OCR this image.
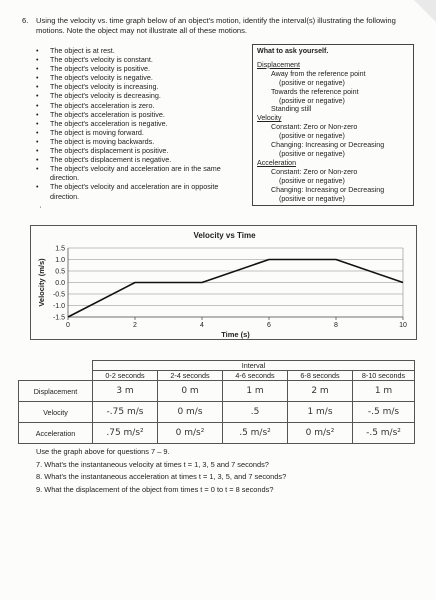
6. Using the velocity vs. time graph below of an object's motion, identify the interval(s) illustrating the following motions. Note the object may not illustrate all of these motions.
• The object is at rest.
• The object's velocity is constant.
• The object's velocity is positive.
• The object's velocity is negative.
• The object's velocity is increasing.
• The object's velocity is decreasing.
• The object's acceleration is zero.
• The object's acceleration is positive.
• The object's acceleration is negative.
• The object is moving forward.
• The object is moving backwards.
• The object's displacement is positive.
• The object's displacement is negative.
• The object's velocity and acceleration are in the same direction.
• The object's velocity and acceleration are in opposite direction.
What to ask yourself.
Displacement
Away from the reference point
(positive or negative)
Towards the reference point
(positive or negative)
Standing still
Velocity
Constant: Zero or Non-zero
(positive or negative)
Changing: Increasing or Decreasing
(positive or negative)
Acceleration
Constant: Zero or Non-zero
(positive or negative)
Changing: Increasing or Decreasing
(positive or negative)
'
Velocity vs Time
1.5
1.0
0.5
0.0
-0.5
-1.0
-1.5
0	2	4	6	8	10
Time (s)
Velocity (m/s)
	Interval				
	0-2 seconds	2-4 seconds	4-6 seconds	6-8 seconds	8-10 seconds
Displacement	3 m	0 m	1 m	2 m	1 m
Velocity	-.75 m/s	0 m/s	.5	1 m/s	-.5 m/s
Acceleration	.75 m/s²	0 m/s²	.5 m/s²	0 m/s²	-.5 m/s²
Use the graph above for questions 7 – 9.
7. What's the instantaneous velocity at times t = 1, 3, 5 and 7 seconds?
8. What's the instantaneous acceleration at times t = 1, 3, 5, and 7 seconds?
9. What the displacement of the object from times t = 0 to t = 8 seconds?
